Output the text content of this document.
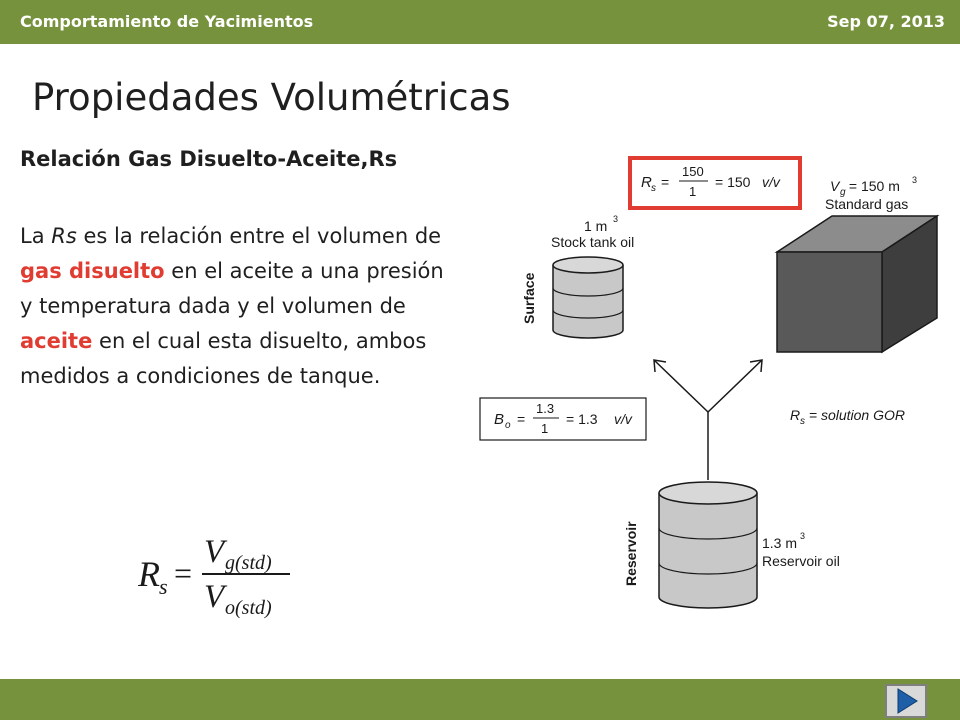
Comportamiento de Yacimientos	Sep 07, 2013
Propiedades Volumétricas
Relación Gas Disuelto-Aceite,Rs
La Rs es la relación entre el volumen de gas disuelto en el aceite a una presión y temperatura dada y el volumen de aceite en el cual esta disuelto, ambos medidos a condiciones de tanque.
R s =
V g(std)
V o(std)
R s =
150
1
= 150 v/v
1 m 3
Stock tank oil
Surface
V g = 150 m 3
Standard gas
B o =
1.3
1
= 1.3 v/v	R s = solution GOR
Reservoir	1.3 m 3
Reservoir oil
